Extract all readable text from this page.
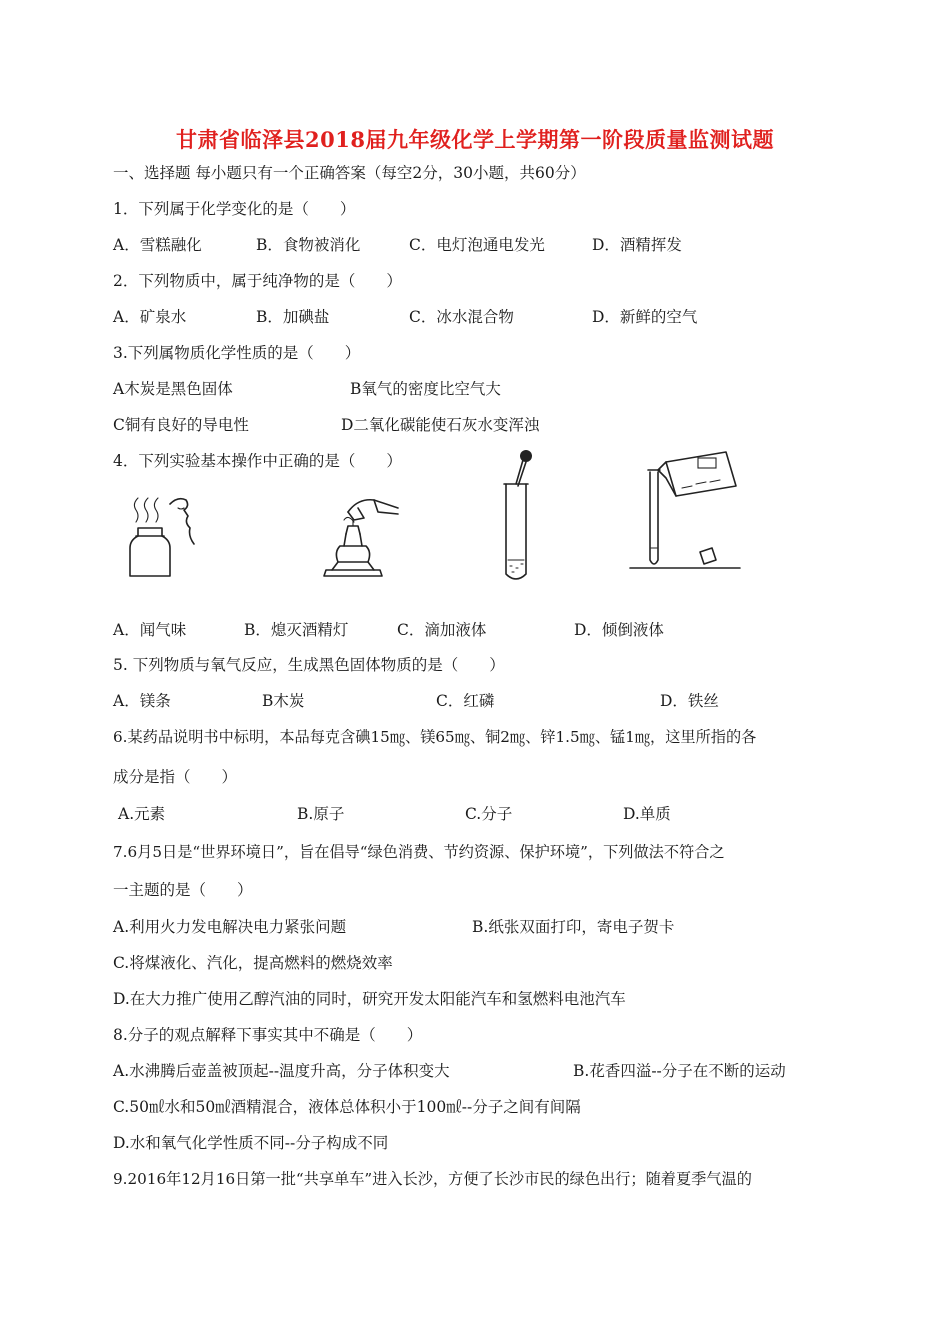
甘肃省临泽县2018届九年级化学上学期第一阶段质量监测试题
一、选择题 每小题只有一个正确答案（每空2分，30小题，共60分）
1．下列属于化学变化的是（　　）
A．雪糕融化	B．食物被消化	C．电灯泡通电发光	D．酒精挥发
2．下列物质中，属于纯净物的是（　　）
A．矿泉水	B．加碘盐	C．冰水混合物	D．新鲜的空气
3.下列属物质化学性质的是（　　）
A木炭是黑色固体	B氧气的密度比空气大
C铜有良好的导电性	D二氧化碳能使石灰水变浑浊
4．下列实验基本操作中正确的是（　　）
A．闻气味	B．熄灭酒精灯	C．滴加液体	D．倾倒液体
5. 下列物质与氧气反应，生成黑色固体物质的是（　　）
A．镁条	B木炭	C．红磷	D．铁丝
6.某药品说明书中标明，本品每克含碘15㎎、镁65㎎、铜2㎎、锌1.5㎎、锰1㎎，这里所指的各
成分是指（　　）
A.元素	B.原子	C.分子	D.单质
7.6月5日是“世界环境日”，旨在倡导“绿色消费、节约资源、保护环境”，下列做法不符合之
一主题的是（　　）
A.利用火力发电解决电力紧张问题	B.纸张双面打印，寄电子贺卡
C.将煤液化、汽化，提高燃料的燃烧效率
D.在大力推广使用乙醇汽油的同时，研究开发太阳能汽车和氢燃料电池汽车
8.分子的观点解释下事实其中不确是（　　）
A.水沸腾后壶盖被顶起--温度升高，分子体积变大	B.花香四溢--分子在不断的运动
C.50㎖水和50㎖酒精混合，液体总体积小于100㎖--分子之间有间隔
D.水和氧气化学性质不同--分子构成不同
9.2016年12月16日第一批“共享单车”进入长沙，方便了长沙市民的绿色出行；随着夏季气温的
